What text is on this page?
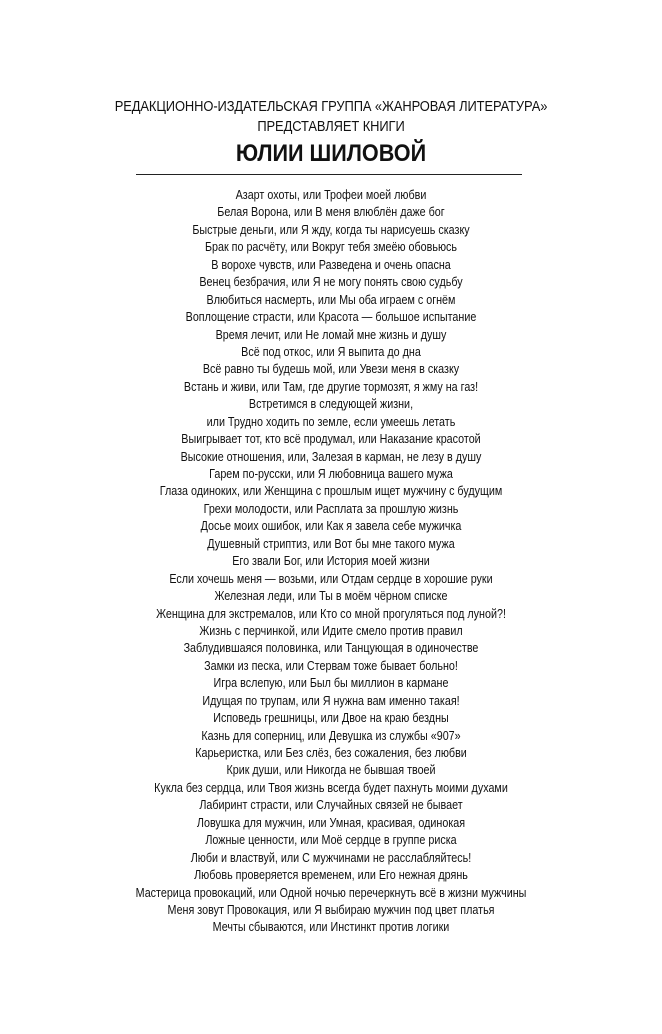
РЕДАКЦИОННО-ИЗДАТЕЛЬСКАЯ ГРУППА «ЖАНРОВАЯ ЛИТЕРАТУРА»
ПРЕДСТАВЛЯЕТ КНИГИ
ЮЛИИ ШИЛОВОЙ
Азарт охоты, или Трофеи моей любви
Белая Ворона, или В меня влюблён даже бог
Быстрые деньги, или Я жду, когда ты нарисуешь сказку
Брак по расчёту, или Вокруг тебя змеёю обовьюсь
В ворохе чувств, или Разведена и очень опасна
Венец безбрачия, или Я не могу понять свою судьбу
Влюбиться насмерть, или Мы оба играем с огнём
Воплощение страсти, или Красота — большое испытание
Время лечит, или Не ломай мне жизнь и душу
Всё под откос, или Я выпита до дна
Всё равно ты будешь мой, или Увези меня в сказку
Встань и живи, или Там, где другие тормозят, я жму на газ!
Встретимся в следующей жизни,
или Трудно ходить по земле, если умеешь летать
Выигрывает тот, кто всё продумал, или Наказание красотой
Высокие отношения, или, Залезая в карман, не лезу в душу
Гарем по-русски, или Я любовница вашего мужа
Глаза одиноких, или Женщина с прошлым ищет мужчину с будущим
Грехи молодости, или Расплата за прошлую жизнь
Досье моих ошибок, или Как я завела себе мужичка
Душевный стриптиз, или Вот бы мне такого мужа
Его звали Бог, или История моей жизни
Если хочешь меня — возьми, или Отдам сердце в хорошие руки
Железная леди, или Ты в моём чёрном списке
Женщина для экстремалов, или Кто со мной прогуляться под луной?!
Жизнь с перчинкой, или Идите смело против правил
Заблудившаяся половинка, или Танцующая в одиночестве
Замки из песка, или Стервам тоже бывает больно!
Игра вслепую, или Был бы миллион в кармане
Идущая по трупам, или Я нужна вам именно такая!
Исповедь грешницы, или Двое на краю бездны
Казнь для соперниц, или Девушка из службы «907»
Карьеристка, или Без слёз, без сожаления, без любви
Крик души, или Никогда не бывшая твоей
Кукла без сердца, или Твоя жизнь всегда будет пахнуть моими духами
Лабиринт страсти, или Случайных связей не бывает
Ловушка для мужчин, или Умная, красивая, одинокая
Ложные ценности, или Моё сердце в группе риска
Люби и властвуй, или С мужчинами не расслабляйтесь!
Любовь проверяется временем, или Его нежная дрянь
Мастерица провокаций, или Одной ночью перечеркнуть всё в жизни мужчины
Меня зовут Провокация, или Я выбираю мужчин под цвет платья
Мечты сбываются, или Инстинкт против логики
